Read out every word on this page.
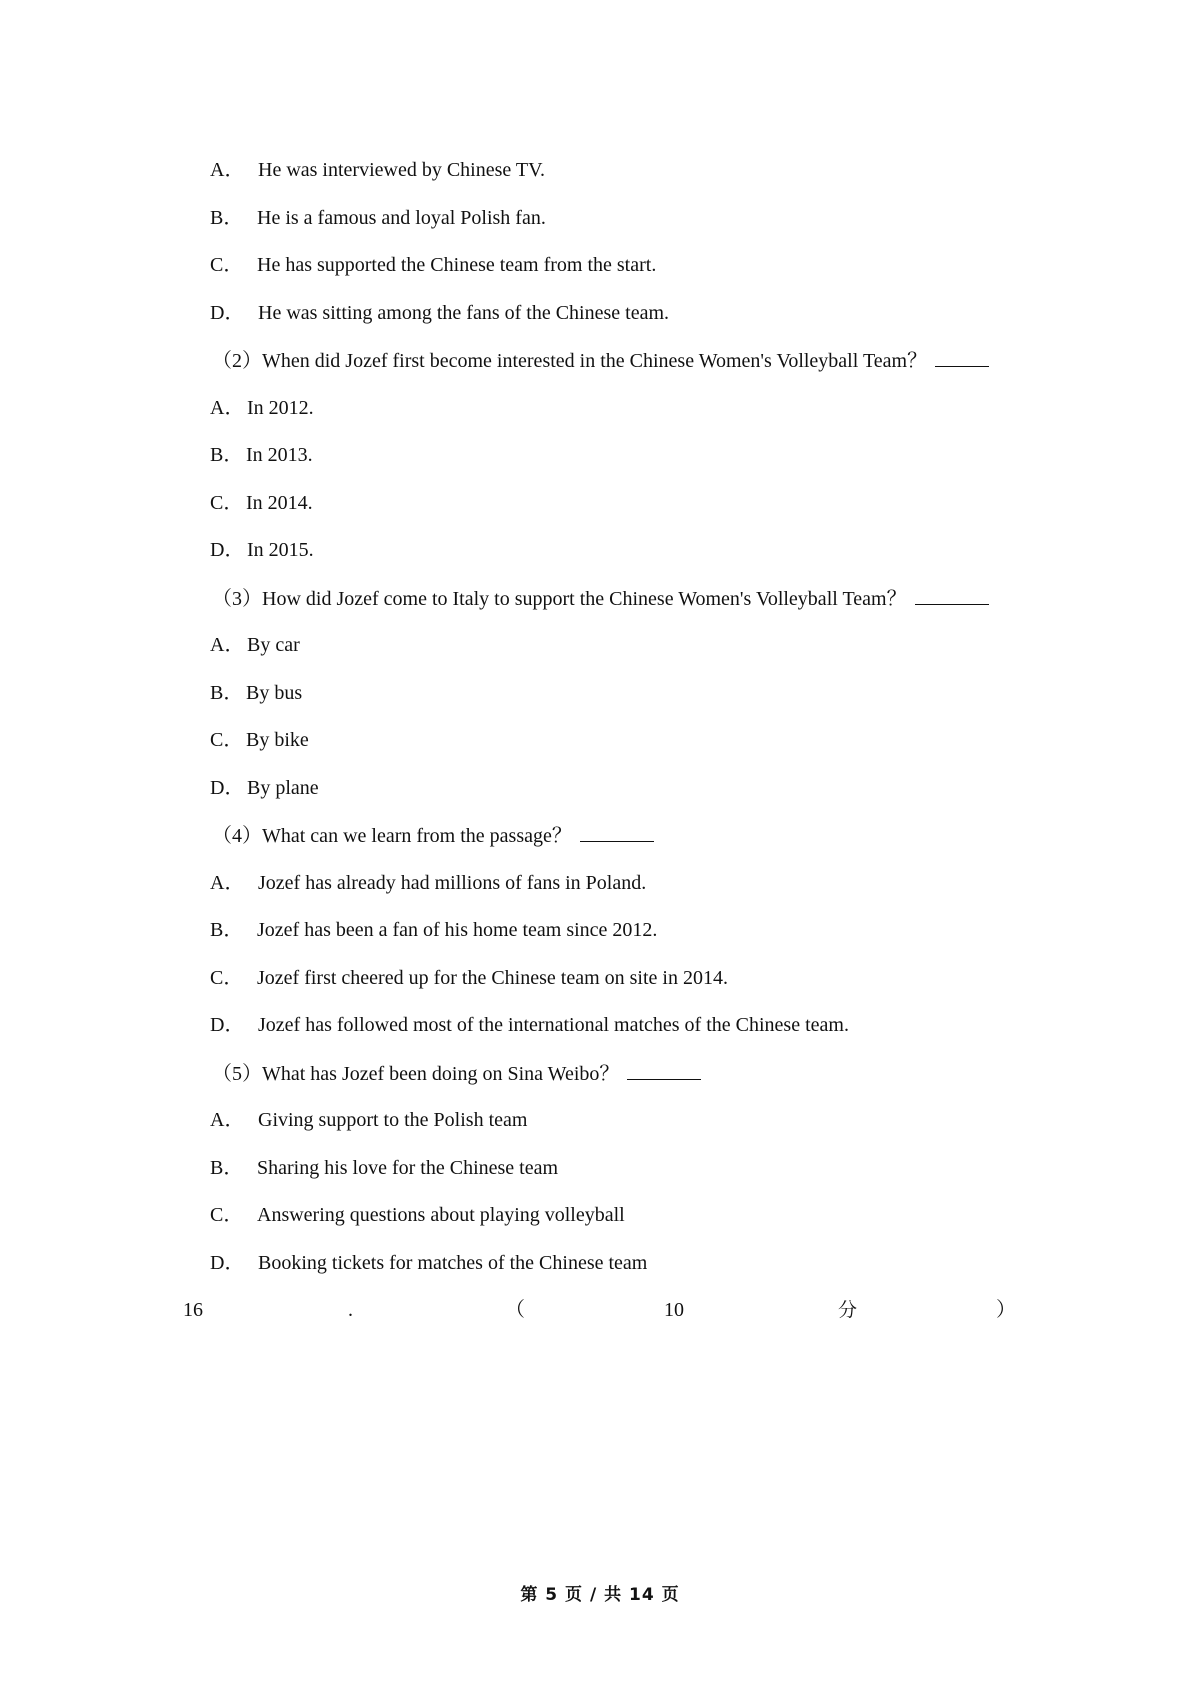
A． He was interviewed by Chinese TV.
B． He is a famous and loyal Polish fan.
C． He has supported the Chinese team from the start.
D． He was sitting among the fans of the Chinese team.
（2）When did Jozef first become interested in the Chinese Women's Volleyball Team？
A． In 2012.
B． In 2013.
C． In 2014.
D． In 2015.
（3）How did Jozef come to Italy to support the Chinese Women's Volleyball Team？
A． By car
B． By bus
C． By bike
D． By plane
（4）What can we learn from the passage？
A． Jozef has already had millions of fans in Poland.
B． Jozef has been a fan of his home team since 2012.
C． Jozef first cheered up for the Chinese team on site in 2014.
D． Jozef has followed most of the international matches of the Chinese team.
（5）What has Jozef been doing on Sina Weibo？
A． Giving support to the Polish team
B． Sharing his love for the Chinese team
C． Answering questions about playing volleyball
D． Booking tickets for matches of the Chinese team
16	.	（	10	分	）
第 5 页 / 共 14 页
